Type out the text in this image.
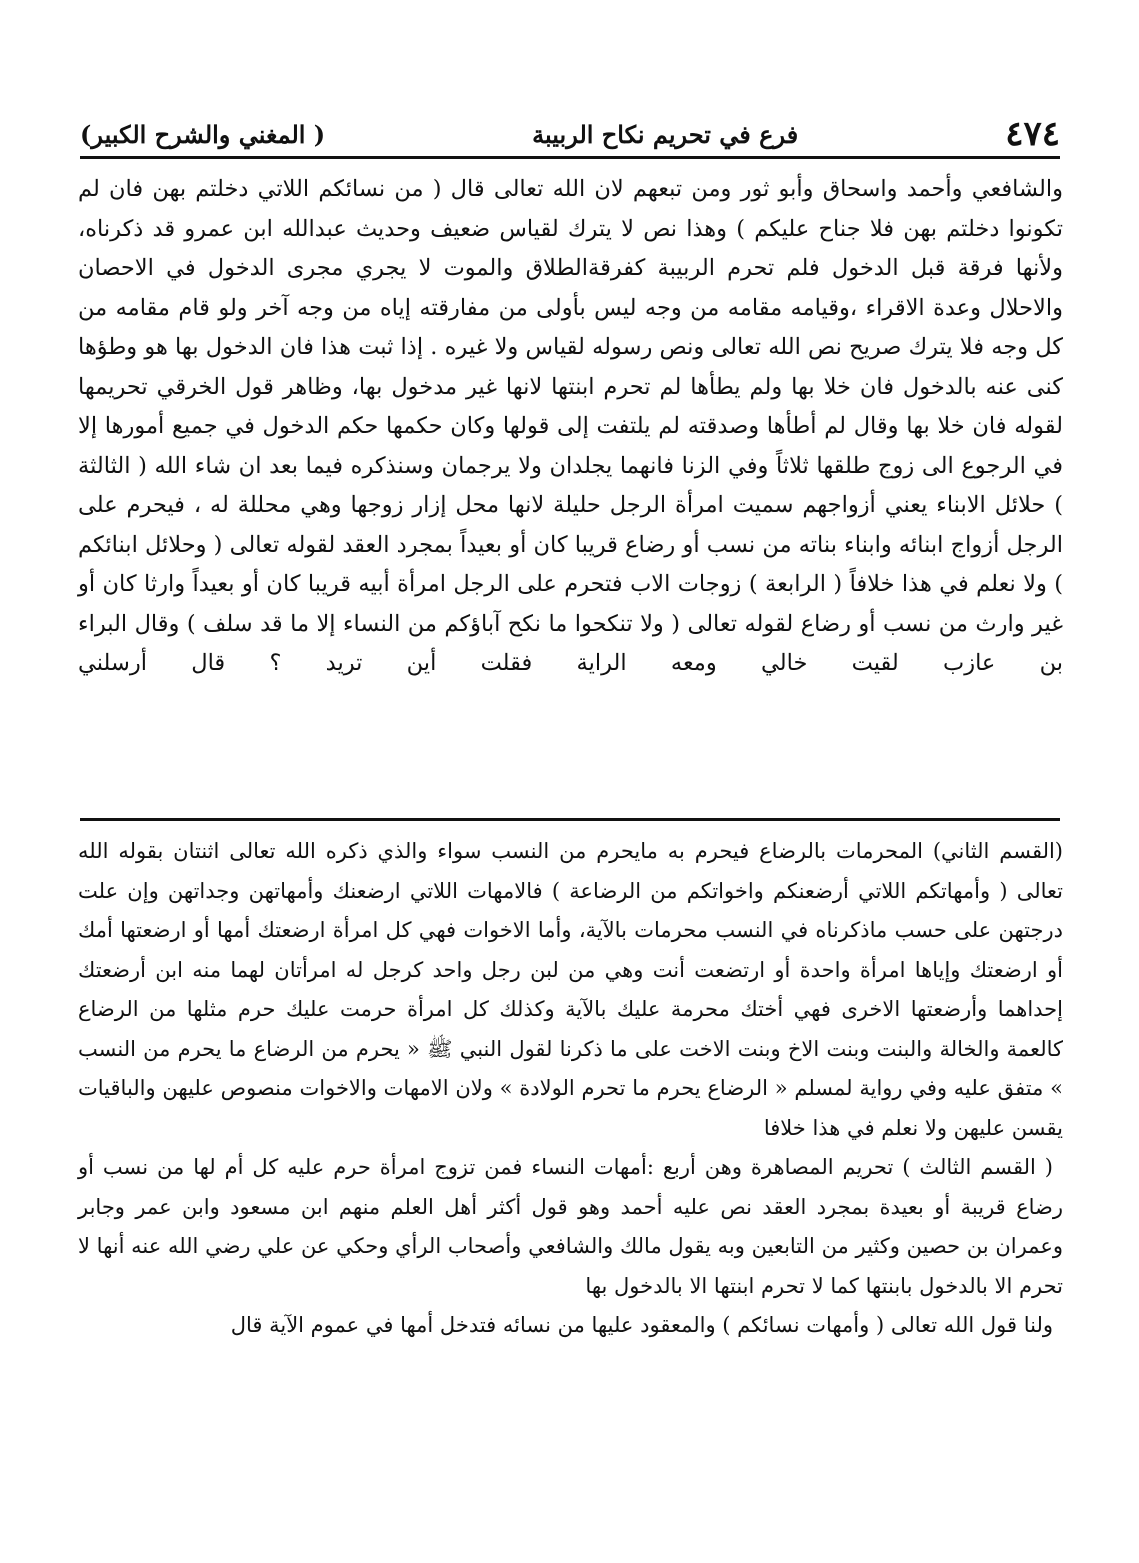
٤٧٤
فرع في تحريم نكاح الربيبة
( المغني والشرح الكبير)

والشافعي وأحمد واسحاق وأبو ثور ومن تبعهم لان الله تعالى قال ( من نسائكم اللاتي دخلتم بهن فان لم تكونوا دخلتم بهن فلا جناح عليكم ) وهذا نص لا يترك لقياس ضعيف وحديث عبدالله ابن عمرو قد ذكرناه، ولأنها فرقة قبل الدخول فلم تحرم الربيبة كفرقةالطلاق والموت لا يجري مجرى الدخول في الاحصان والاحلال وعدة الاقراء ،وقيامه مقامه من وجه ليس بأولى من مفارقته إياه من وجه آخر ولو قام مقامه من كل وجه فلا يترك صريح نص الله تعالى ونص رسوله لقياس ولا غيره . إذا ثبت هذا فان الدخول بها هو وطؤها كنى عنه بالدخول فان خلا بها ولم يطأها لم تحرم ابنتها لانها غير مدخول بها، وظاهر قول الخرقي تحريمها لقوله فان خلا بها وقال لم أطأها وصدقته لم يلتفت إلى قولها وكان حكمها حكم الدخول في جميع أمورها إلا في الرجوع الى زوج طلقها ثلاثاً وفي الزنا فانهما يجلدان ولا يرجمان وسنذكره فيما بعد ان شاء الله ( الثالثة ) حلائل الابناء يعني أزواجهم سميت امرأة الرجل حليلة لانها محل إزار زوجها وهي محللة له ، فيحرم على الرجل أزواج ابنائه وابناء بناته من نسب أو رضاع قريبا كان أو بعيداً بمجرد العقد لقوله تعالى ( وحلائل ابنائكم ) ولا نعلم في هذا خلافاً ( الرابعة ) زوجات الاب فتحرم على الرجل امرأة أبيه قريبا كان أو بعيداً وارثا كان أو غير وارث من نسب أو رضاع لقوله تعالى ( ولا تنكحوا ما نكح آباؤكم من النساء إلا ما قد سلف ) وقال البراء بن عازب لقيت خالي ومعه الراية فقلت أين تريد ؟ قال أرسلني

(القسم الثاني) المحرمات بالرضاع فيحرم به مايحرم من النسب سواء والذي ذكره الله تعالى اثنتان بقوله الله تعالى ( وأمهاتكم اللاتي أرضعنكم واخواتكم من الرضاعة ) فالامهات اللاتي ارضعنك وأمهاتهن وجداتهن وإن علت درجتهن على حسب ماذكرناه في النسب محرمات بالآية، وأما الاخوات فهي كل امرأة ارضعتك أمها أو ارضعتها أمك أو ارضعتك وإياها امرأة واحدة أو ارتضعت أنت وهي من لبن رجل واحد كرجل له امرأتان لهما منه ابن أرضعتك إحداهما وأرضعتها الاخرى فهي أختك محرمة عليك بالآية وكذلك كل امرأة حرمت عليك حرم مثلها من الرضاع كالعمة والخالة والبنت وبنت الاخ وبنت الاخت على ما ذكرنا لقول النبي ﷺ « يحرم من الرضاع ما يحرم من النسب » متفق عليه وفي رواية لمسلم « الرضاع يحرم ما تحرم الولادة » ولان الامهات والاخوات منصوص عليهن والباقيات يقسن عليهن ولا نعلم في هذا خلافا

( القسم الثالث ) تحريم المصاهرة وهن أربع :أمهات النساء فمن تزوج امرأة حرم عليه كل أم لها من نسب أو رضاع قريبة أو بعيدة بمجرد العقد نص عليه أحمد وهو قول أكثر أهل العلم منهم ابن مسعود وابن عمر وجابر وعمران بن حصين وكثير من التابعين وبه يقول مالك والشافعي وأصحاب الرأي وحكي عن علي رضي الله عنه أنها لا تحرم الا بالدخول بابنتها كما لا تحرم ابنتها الا بالدخول بها

ولنا قول الله تعالى ( وأمهات نسائكم ) والمعقود عليها من نسائه فتدخل أمها في عموم الآية قال
